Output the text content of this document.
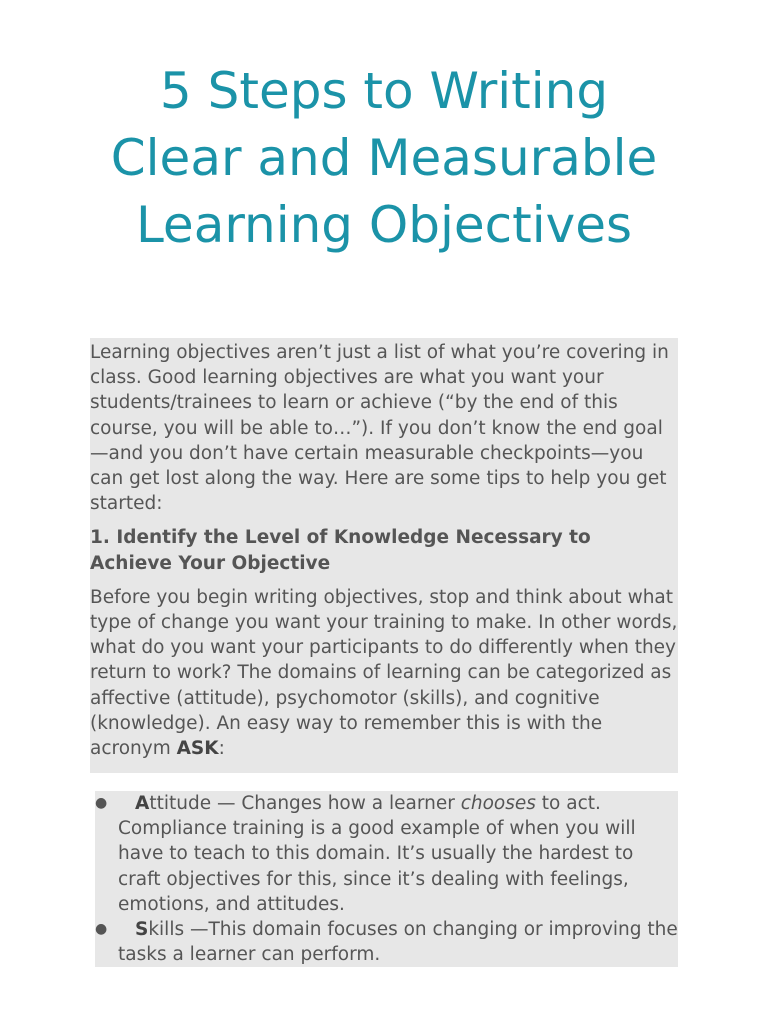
5 Steps to Writing
Clear and Measurable
Learning Objectives

Learning objectives aren’t just a list of what you’re covering in class. Good learning objectives are what you want your students/trainees to learn or achieve (“by the end of this course, you will be able to…”). If you don’t know the end goal—and you don’t have certain measurable checkpoints—you can get lost along the way. Here are some tips to help you get started:

1. Identify the Level of Knowledge Necessary to Achieve Your Objective

Before you begin writing objectives, stop and think about what type of change you want your training to make. In other words, what do you want your participants to do differently when they return to work? The domains of learning can be categorized as affective (attitude), psychomotor (skills), and cognitive (knowledge). An easy way to remember this is with the acronym ASK:

● Attitude — Changes how a learner chooses to act. Compliance training is a good example of when you will have to teach to this domain. It’s usually the hardest to craft objectives for this, since it’s dealing with feelings, emotions, and attitudes.
● Skills —This domain focuses on changing or improving the tasks a learner can perform.
